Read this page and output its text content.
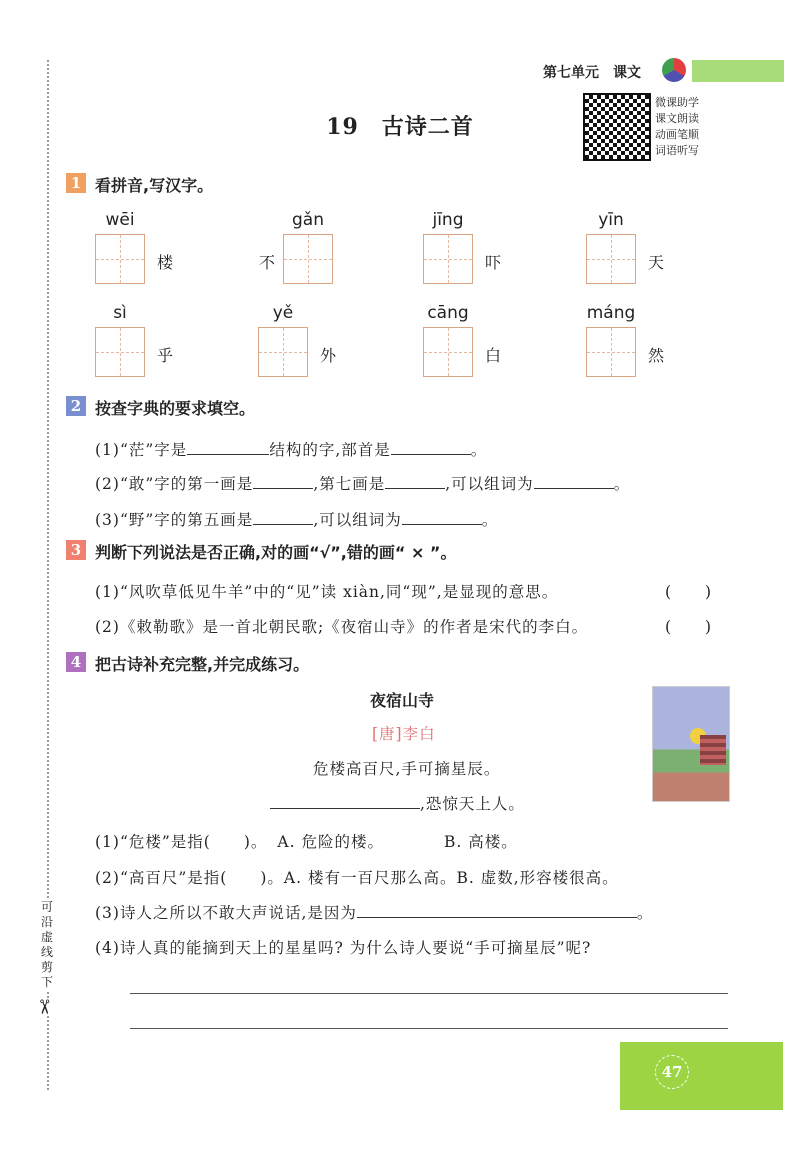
可沿虚线剪下
✂
第七单元　课文
微课助学
课文朗读
动画笔顺
词语听写
19　古诗二首
1 看拼音,写汉字。
wēi
楼
gǎn
不
jīng
吓
yīn
天
sì
乎
yě
外
cāng
白
máng
然
2 按查字典的要求填空。
(1)“茫”字是	结构的字,部首是	。
(2)“敢”字的第一画是	,第七画是	,可以组词为	。
(3)“野”字的第五画是	,可以组词为	。
3 判断下列说法是否正确,对的画“√”,错的画“ × ”。
(1)“风吹草低见牛羊”中的“见”读 xiàn,同“现”,是显现的意思。	(　　)
(2)《敕勒歌》是一首北朝民歌;《夜宿山寺》的作者是宋代的李白。	(　　)
4 把古诗补充完整,并完成练习。
夜宿山寺
[唐]李白
危楼高百尺,手可摘星辰。
,恐惊天上人。
(1)“危楼”是指(　　)。 A. 危险的楼。	B. 高楼。
(2)“高百尺”是指(　　)。A. 楼有一百尺那么高。B. 虚数,形容楼很高。
(3)诗人之所以不敢大声说话,是因为	。
(4)诗人真的能摘到天上的星星吗? 为什么诗人要说“手可摘星辰”呢?
47
